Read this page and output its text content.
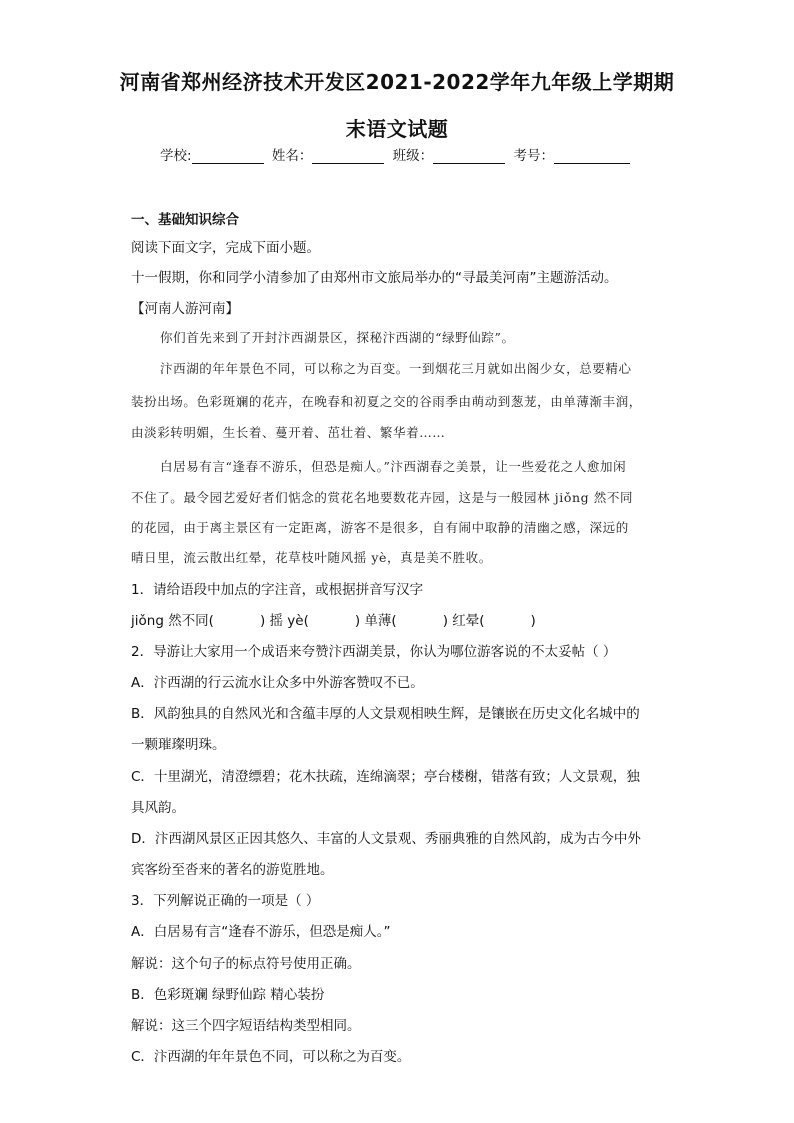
河南省郑州经济技术开发区2021-2022学年九年级上学期期
末语文试题
学校:	姓名：	班级：	考号：
一、基础知识综合
阅读下面文字，完成下面小题。
十一假期，你和同学小清参加了由郑州市文旅局举办的“寻最美河南”主题游活动。
【河南人游河南】
你们首先来到了开封汴西湖景区，探秘汴西湖的“绿野仙踪”。
汴西湖的年年景色不同，可以称之为百变。一到烟花三月就如出阁少女，总要精心
装扮出场。色彩斑斓的花卉，在晚春和初夏之交的谷雨季由萌动到葱茏，由单薄渐丰润，
由淡彩转明媚，生长着、蔓开着、茁壮着、繁华着……
白居易有言“逢春不游乐，但恐是痴人。”汴西湖春之美景，让一些爱花之人愈加闲
不住了。最令园艺爱好者们惦念的赏花名地要数花卉园，这是与一般园林 jiǒng 然不同
的花园，由于离主景区有一定距离，游客不是很多，自有闹中取静的清幽之感，深远的
晴日里，流云散出红晕，花草枝叶随风摇 yè，真是美不胜收。
1．请给语段中加点的字注音，或根据拼音写汉字
jiǒng 然不同(	) 摇 yè(	) 单薄(	) 红晕(	)
2．导游让大家用一个成语来夸赞汴西湖美景，你认为哪位游客说的不太妥帖（ ）
A．汴西湖的行云流水让众多中外游客赞叹不已。
B．风韵独具的自然风光和含蕴丰厚的人文景观相映生辉，是镶嵌在历史文化名城中的
一颗璀璨明珠。
C．十里湖光，清澄缥碧；花木扶疏，连绵滴翠；亭台楼榭，错落有致；人文景观，独
具风韵。
D．汴西湖风景区正因其悠久、丰富的人文景观、秀丽典雅的自然风韵，成为古今中外
宾客纷至沓来的著名的游览胜地。
3．下列解说正确的一项是（ ）
A．白居易有言“逢春不游乐，但恐是痴人。”
解说：这个句子的标点符号使用正确。
B．色彩斑斓 绿野仙踪 精心装扮
解说：这三个四字短语结构类型相同。
C．汴西湖的年年景色不同，可以称之为百变。
